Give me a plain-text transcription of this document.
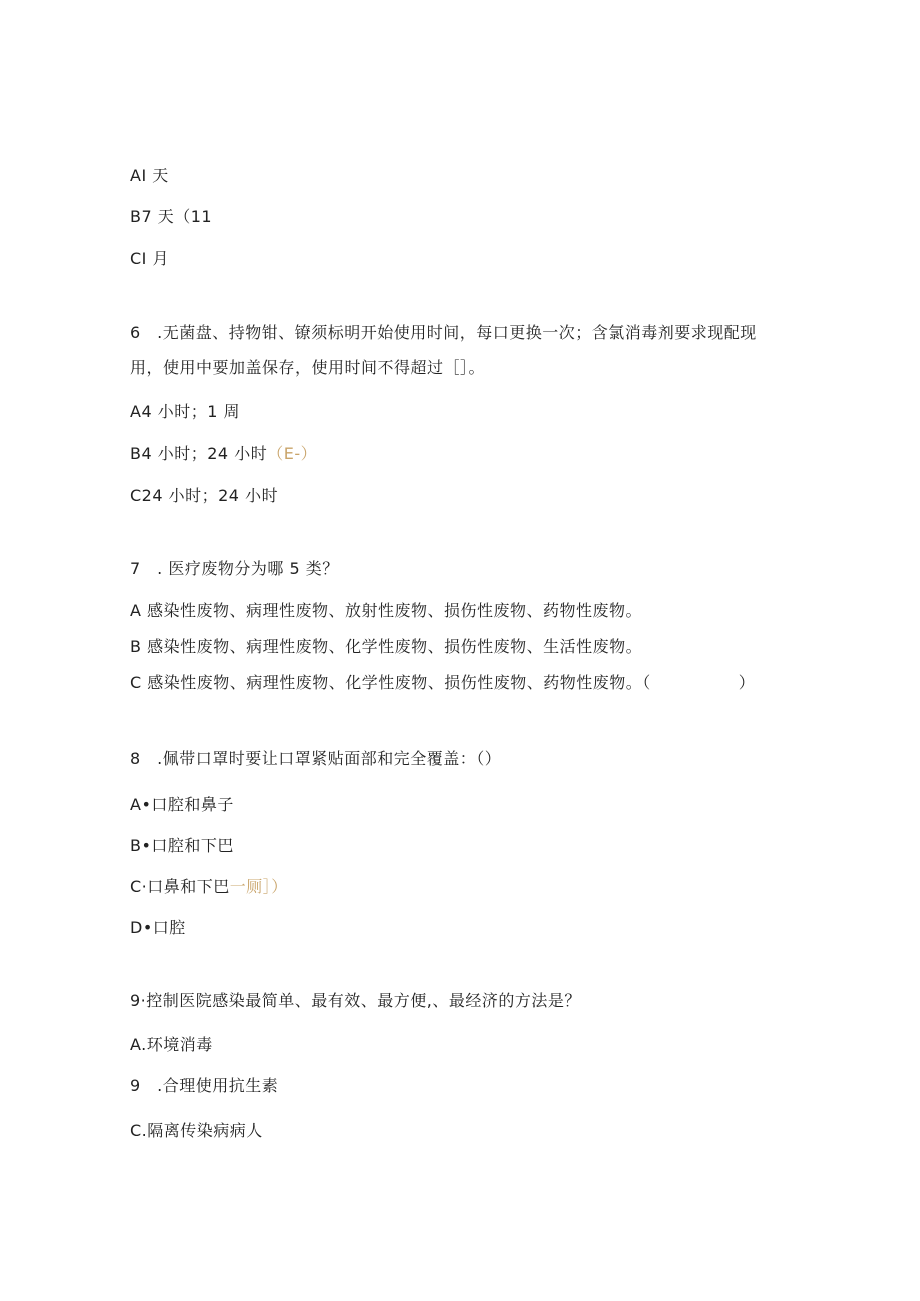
AI 天
B7 天（11
CI 月
6　.无菌盘、持物钳、镣须标明开始使用时间，每口更换一次；含氯消毒剂要求现配现
用，使用中要加盖保存，使用时间不得超过［］。
A4 小时；1 周
B4 小时；24 小时（E-）
C24 小时；24 小时
7　. 医疗废物分为哪 5 类？
A 感染性废物、病理性废物、放射性废物、损伤性废物、药物性废物。
B 感染性废物、病理性废物、化学性废物、损伤性废物、生活性废物。
C 感染性废物、病理性废物、化学性废物、损伤性废物、药物性废物。（	）
8　.佩带口罩时要让口罩紧贴面部和完全覆盖：（）
A•口腔和鼻子
B•口腔和下巴
C·口鼻和下巴一厕］）
D•口腔
9·控制医院感染最简单、最有效、最方便,、最经济的方法是？
A.环境消毒
9　.合理使用抗生素
C.隔离传染病病人
